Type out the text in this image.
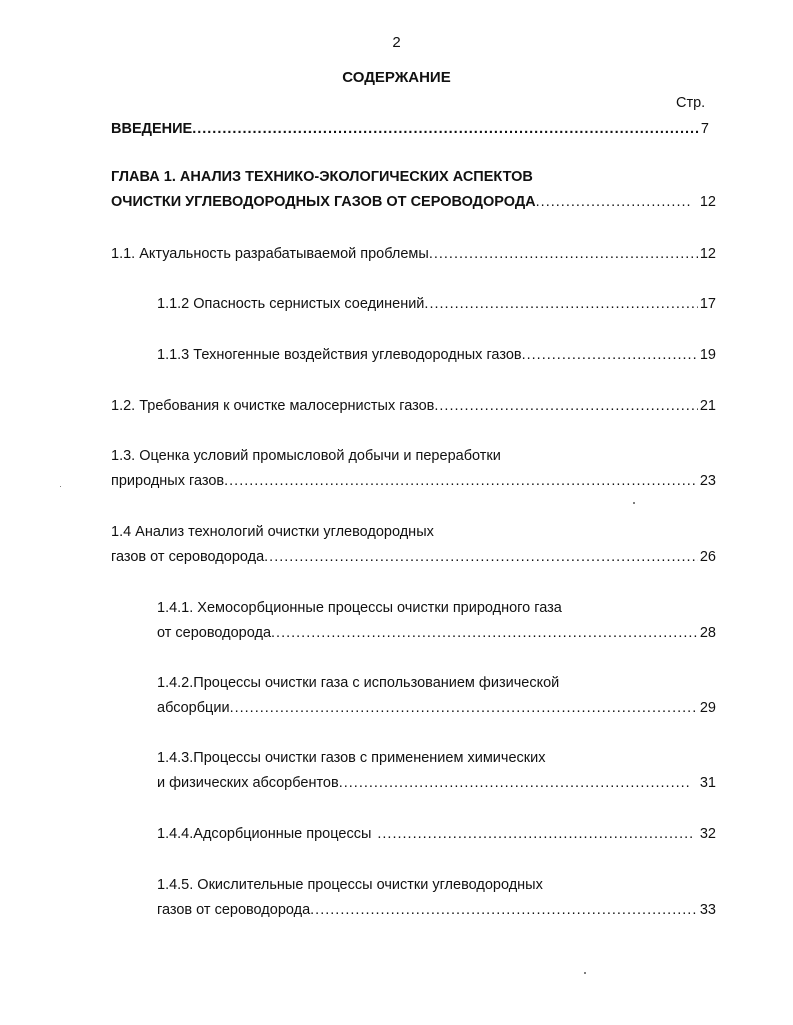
2
СОДЕРЖАНИЕ
Стр.
ВВЕДЕНИЕ .....	7
ГЛАВА 1. АНАЛИЗ ТЕХНИКО-ЭКОЛОГИЧЕСКИХ АСПЕКТОВ
ОЧИСТКИ УГЛЕВОДОРОДНЫХ ГАЗОВ ОТ СЕРОВОДОРОДА .....	12
1.1. Актуальность разрабатываемой проблемы .....	12
1.1.2 Опасность сернистых соединений .....	17
1.1.3 Техногенные воздействия углеводородных газов .....	19
1.2. Требования к очистке малосернистых газов .....	21
1.3. Оценка условий промысловой добычи и переработки
природных газов .....	23
1.4 Анализ технологий очистки углеводородных
газов от сероводорода .....	26
1.4.1. Хемосорбционные процессы очистки природного газа
от сероводорода .....	28
1.4.2.Процессы очистки газа с использованием физической
абсорбции .....	29
1.4.3.Процессы очистки газов с применением химических
и физических абсорбентов .....	31
1.4.4.Адсорбционные процессы .....	32
1.4.5. Окислительные процессы очистки углеводородных
газов от сероводорода .....	33
